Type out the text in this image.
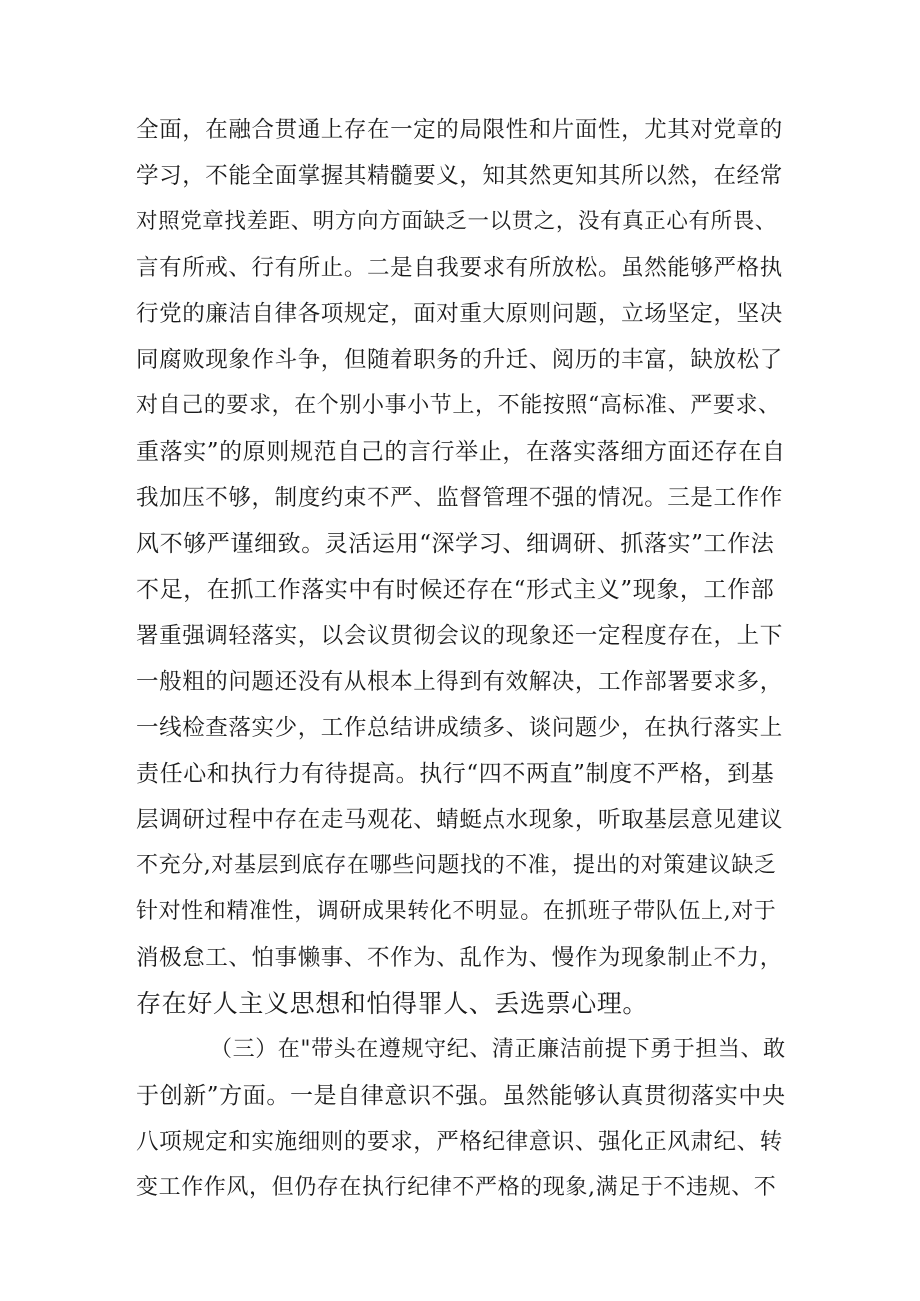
全面，在融合贯通上存在一定的局限性和片面性，尤其对党章的
学习，不能全面掌握其精髓要义，知其然更知其所以然，在经常
对照党章找差距、明方向方面缺乏一以贯之，没有真正心有所畏、
言有所戒、行有所止。二是自我要求有所放松。虽然能够严格执
行党的廉洁自律各项规定，面对重大原则问题，立场坚定，坚决
同腐败现象作斗争，但随着职务的升迁、阅历的丰富，缺放松了
对自己的要求，在个别小事小节上，不能按照“高标准、严要求、
重落实”的原则规范自己的言行举止，在落实落细方面还存在自
我加压不够，制度约束不严、监督管理不强的情况。三是工作作
风不够严谨细致。灵活运用“深学习、细调研、抓落实”工作法
不足，在抓工作落实中有时候还存在“形式主义”现象，工作部
署重强调轻落实，以会议贯彻会议的现象还一定程度存在，上下
一般粗的问题还没有从根本上得到有效解决，工作部署要求多，
一线检查落实少，工作总结讲成绩多、谈问题少，在执行落实上
责任心和执行力有待提高。执行“四不两直”制度不严格，到基
层调研过程中存在走马观花、蜻蜓点水现象，听取基层意见建议
不充分,对基层到底存在哪些问题找的不准，提出的对策建议缺乏
针对性和精准性，调研成果转化不明显。在抓班子带队伍上,对于
消极怠工、怕事懒事、不作为、乱作为、慢作为现象制止不力，
存在好人主义思想和怕得罪人、丢选票心理。
（三）在"带头在遵规守纪、清正廉洁前提下勇于担当、敢
于创新”方面。一是自律意识不强。虽然能够认真贯彻落实中央
八项规定和实施细则的要求，严格纪律意识、强化正风肃纪、转
变工作作风，但仍存在执行纪律不严格的现象,满足于不违规、不
